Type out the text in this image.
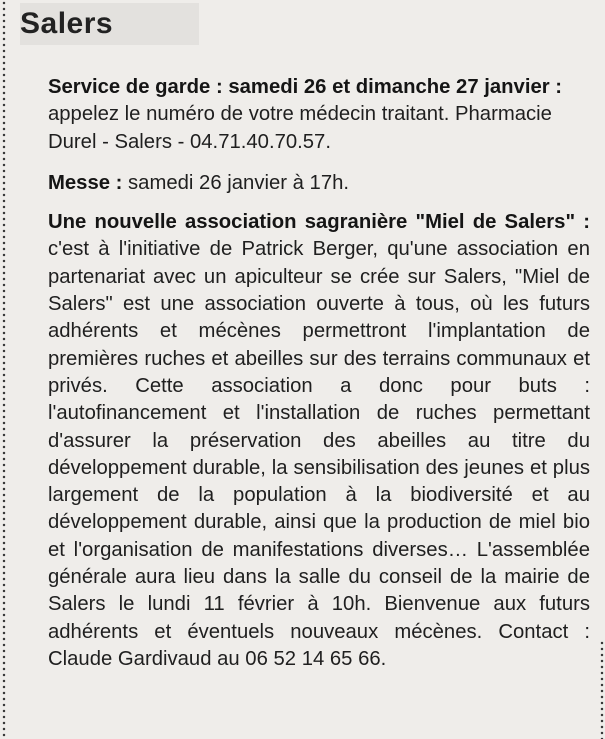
Salers

Service de garde : samedi 26 et dimanche 27 janvier : appelez le numéro de votre médecin traitant. Pharmacie Durel - Salers - 04.71.40.70.57.

Messe : samedi 26 janvier à 17h.

Une nouvelle association sagranière "Miel de Salers" : c'est à l'initiative de Patrick Berger, qu'une association en partenariat avec un apiculteur se crée sur Salers, "Miel de Salers" est une association ouverte à tous, où les futurs adhérents et mécènes permettront l'implantation de premières ruches et abeilles sur des terrains communaux et privés. Cette association a donc pour buts : l'autofinancement et l'installation de ruches permettant d'assurer la préservation des abeilles au titre du développement durable, la sensibilisation des jeunes et plus largement de la population à la biodiversité et au développement durable, ainsi que la production de miel bio et l'organisation de manifestations diverses… L'assemblée générale aura lieu dans la salle du conseil de la mairie de Salers le lundi 11 février à 10h. Bienvenue aux futurs adhérents et éventuels nouveaux mécènes. Contact : Claude Gardivaud au 06 52 14 65 66.
